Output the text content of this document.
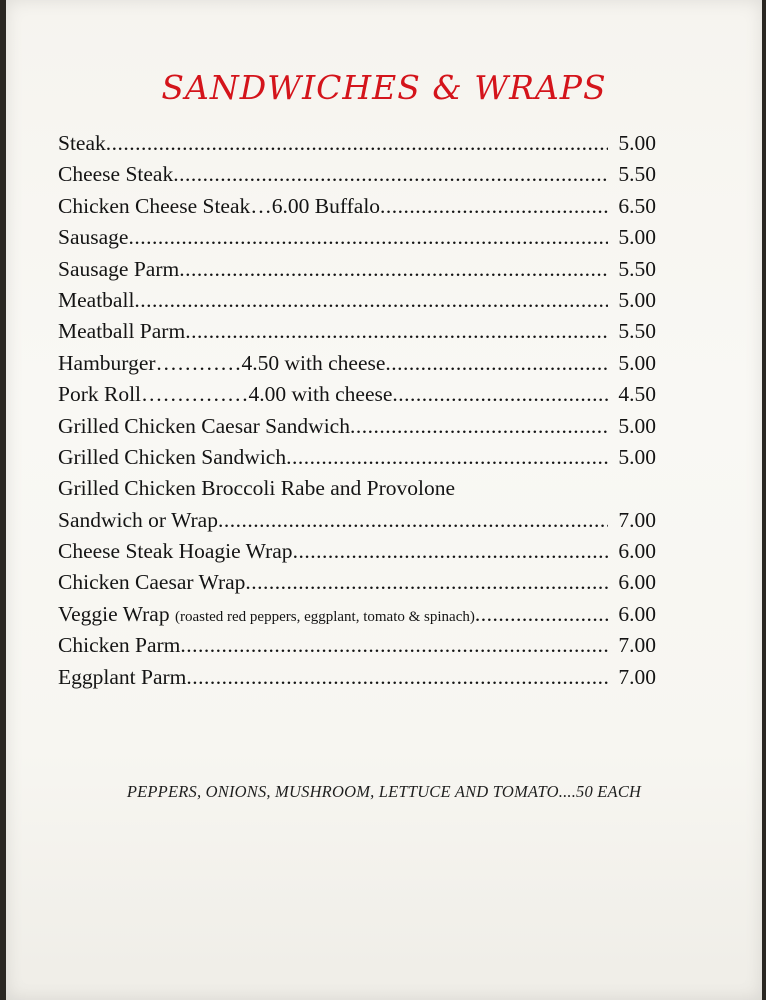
SANDWICHES & WRAPS
Steak .....	5.00
Cheese Steak .....	5.50
Chicken Cheese Steak…6.00 Buffalo .....	6.50
Sausage .....	5.00
Sausage Parm .....	5.50
Meatball .....	5.00
Meatball Parm .....	5.50
Hamburger…………4.50 with cheese .....	5.00
Pork Roll……………4.00 with cheese .....	4.50
Grilled Chicken Caesar Sandwich .....	5.00
Grilled Chicken Sandwich .....	5.00
Grilled Chicken Broccoli Rabe and Provolone
Sandwich or Wrap .....	7.00
Cheese Steak Hoagie Wrap .....	6.00
Chicken Caesar Wrap .....	6.00
Veggie Wrap (roasted red peppers, eggplant, tomato & spinach) .....	6.00
Chicken Parm .....	7.00
Eggplant Parm .....	7.00

PEPPERS, ONIONS, MUSHROOM, LETTUCE AND TOMATO....50 EACH
